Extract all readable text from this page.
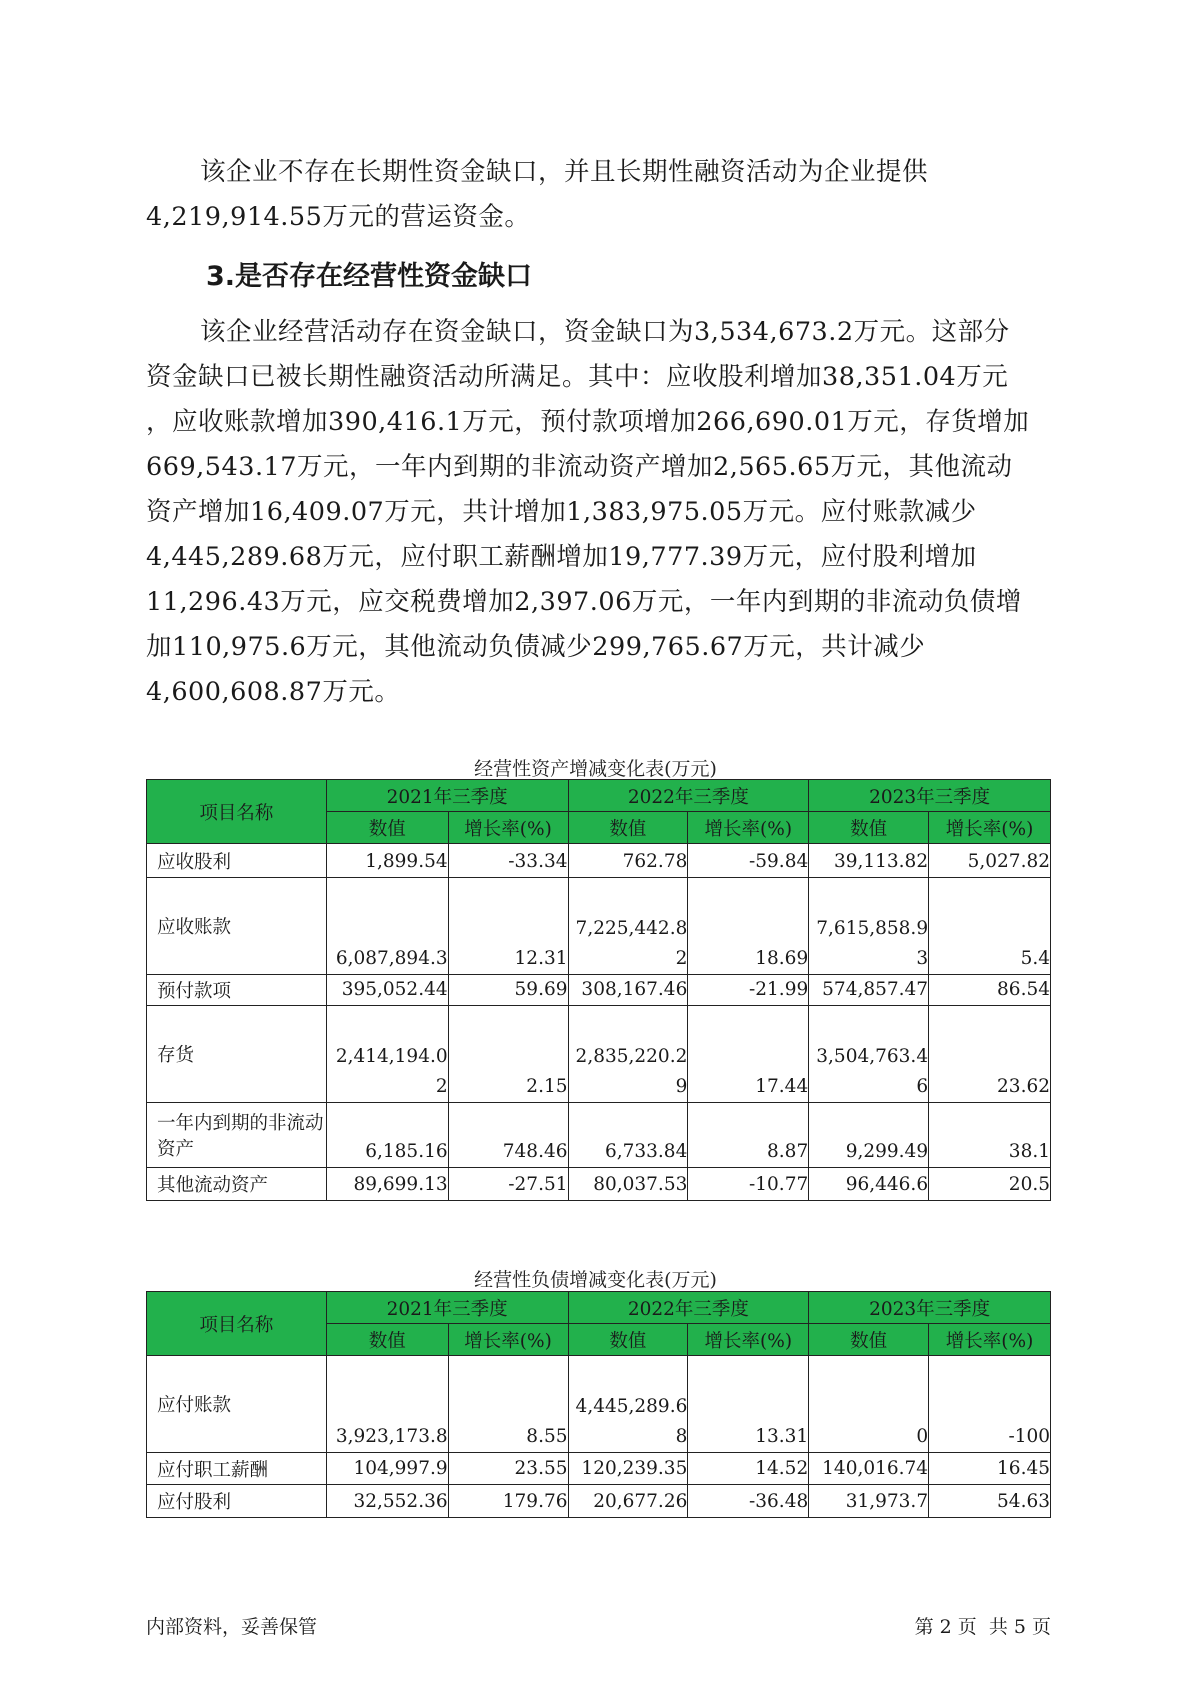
该企业不存在长期性资金缺口，并且长期性融资活动为企业提供
4,219,914.55万元的营运资金。
3.是否存在经营性资金缺口
该企业经营活动存在资金缺口，资金缺口为3,534,673.2万元。这部分
资金缺口已被长期性融资活动所满足。其中：应收股利增加38,351.04万元
，应收账款增加390,416.1万元，预付款项增加266,690.01万元，存货增加
669,543.17万元，一年内到期的非流动资产增加2,565.65万元，其他流动
资产增加16,409.07万元，共计增加1,383,975.05万元。应付账款减少
4,445,289.68万元，应付职工薪酬增加19,777.39万元，应付股利增加
11,296.43万元，应交税费增加2,397.06万元，一年内到期的非流动负债增
加110,975.6万元，其他流动负债减少299,765.67万元，共计减少
4,600,608.87万元。
经营性资产增减变化表(万元)
项目名称	2021年三季度		2022年三季度		2023年三季度	
	数值	增长率(%)	数值	增长率(%)	数值	增长率(%)
应收股利	1,899.54	-33.34	762.78	-59.84	39,113.82	5,027.82
应收账款	6,087,894.3	12.31	7,225,442.82	18.69	7,615,858.93	5.4
预付款项	395,052.44	59.69	308,167.46	-21.99	574,857.47	86.54
存货	2,414,194.02	2.15	2,835,220.29	17.44	3,504,763.46	23.62
一年内到期的非流动资产	6,185.16	748.46	6,733.84	8.87	9,299.49	38.1
其他流动资产	89,699.13	-27.51	80,037.53	-10.77	96,446.6	20.5
经营性负债增减变化表(万元)
项目名称	2021年三季度		2022年三季度		2023年三季度	
	数值	增长率(%)	数值	增长率(%)	数值	增长率(%)
应付账款	3,923,173.8	8.55	4,445,289.68	13.31	0	-100
应付职工薪酬	104,997.9	23.55	120,239.35	14.52	140,016.74	16.45
应付股利	32,552.36	179.76	20,677.26	-36.48	31,973.7	54.63
内部资料，妥善保管	第 2 页  共 5 页
